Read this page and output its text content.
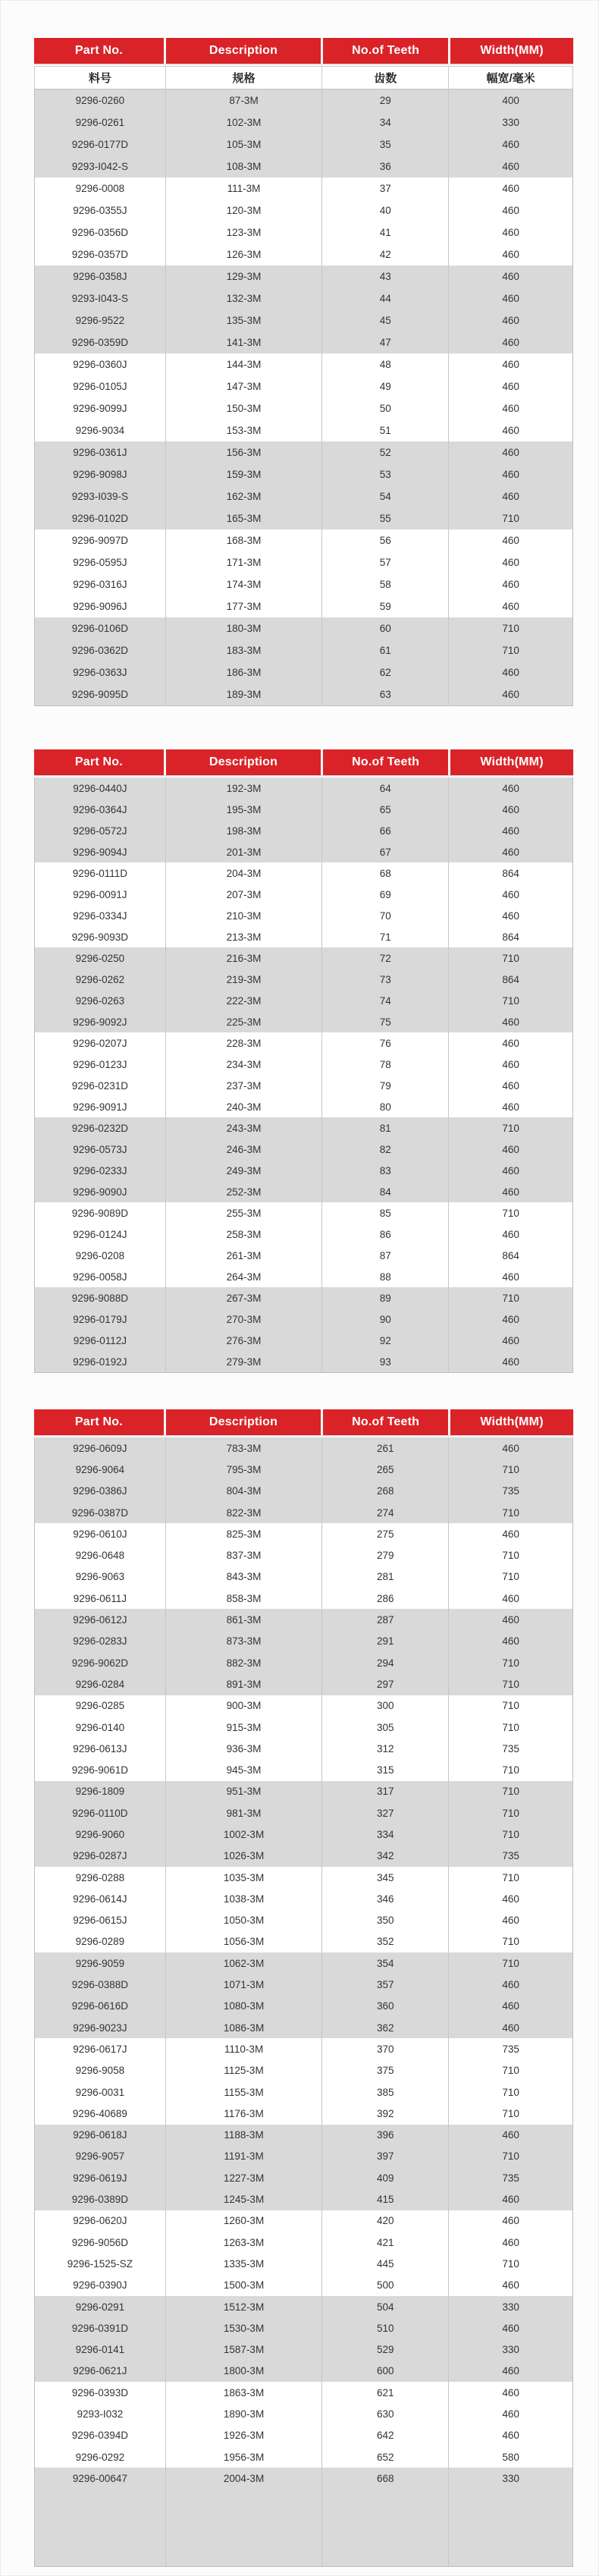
Part No.	Description	No.of Teeth	Width(MM)
料号	规格	齿数	幅宽/毫米
9296-0260	87-3M	29	400
9296-0261	102-3M	34	330
9296-0177D	105-3M	35	460
9293-I042-S	108-3M	36	460
9296-0008	111-3M	37	460
9296-0355J	120-3M	40	460
9296-0356D	123-3M	41	460
9296-0357D	126-3M	42	460
9296-0358J	129-3M	43	460
9293-I043-S	132-3M	44	460
9296-9522	135-3M	45	460
9296-0359D	141-3M	47	460
9296-0360J	144-3M	48	460
9296-0105J	147-3M	49	460
9296-9099J	150-3M	50	460
9296-9034	153-3M	51	460
9296-0361J	156-3M	52	460
9296-9098J	159-3M	53	460
9293-I039-S	162-3M	54	460
9296-0102D	165-3M	55	710
9296-9097D	168-3M	56	460
9296-0595J	171-3M	57	460
9296-0316J	174-3M	58	460
9296-9096J	177-3M	59	460
9296-0106D	180-3M	60	710
9296-0362D	183-3M	61	710
9296-0363J	186-3M	62	460
9296-9095D	189-3M	63	460
Part No.	Description	No.of Teeth	Width(MM)
9296-0440J	192-3M	64	460
9296-0364J	195-3M	65	460
9296-0572J	198-3M	66	460
9296-9094J	201-3M	67	460
9296-0111D	204-3M	68	864
9296-0091J	207-3M	69	460
9296-0334J	210-3M	70	460
9296-9093D	213-3M	71	864
9296-0250	216-3M	72	710
9296-0262	219-3M	73	864
9296-0263	222-3M	74	710
9296-9092J	225-3M	75	460
9296-0207J	228-3M	76	460
9296-0123J	234-3M	78	460
9296-0231D	237-3M	79	460
9296-9091J	240-3M	80	460
9296-0232D	243-3M	81	710
9296-0573J	246-3M	82	460
9296-0233J	249-3M	83	460
9296-9090J	252-3M	84	460
9296-9089D	255-3M	85	710
9296-0124J	258-3M	86	460
9296-0208	261-3M	87	864
9296-0058J	264-3M	88	460
9296-9088D	267-3M	89	710
9296-0179J	270-3M	90	460
9296-0112J	276-3M	92	460
9296-0192J	279-3M	93	460
Part No.	Description	No.of Teeth	Width(MM)
9296-0609J	783-3M	261	460
9296-9064	795-3M	265	710
9296-0386J	804-3M	268	735
9296-0387D	822-3M	274	710
9296-0610J	825-3M	275	460
9296-0648	837-3M	279	710
9296-9063	843-3M	281	710
9296-0611J	858-3M	286	460
9296-0612J	861-3M	287	460
9296-0283J	873-3M	291	460
9296-9062D	882-3M	294	710
9296-0284	891-3M	297	710
9296-0285	900-3M	300	710
9296-0140	915-3M	305	710
9296-0613J	936-3M	312	735
9296-9061D	945-3M	315	710
9296-1809	951-3M	317	710
9296-0110D	981-3M	327	710
9296-9060	1002-3M	334	710
9296-0287J	1026-3M	342	735
9296-0288	1035-3M	345	710
9296-0614J	1038-3M	346	460
9296-0615J	1050-3M	350	460
9296-0289	1056-3M	352	710
9296-9059	1062-3M	354	710
9296-0388D	1071-3M	357	460
9296-0616D	1080-3M	360	460
9296-9023J	1086-3M	362	460
9296-0617J	1110-3M	370	735
9296-9058	1125-3M	375	710
9296-0031	1155-3M	385	710
9296-40689	1176-3M	392	710
9296-0618J	1188-3M	396	460
9296-9057	1191-3M	397	710
9296-0619J	1227-3M	409	735
9296-0389D	1245-3M	415	460
9296-0620J	1260-3M	420	460
9296-9056D	1263-3M	421	460
9296-1525-SZ	1335-3M	445	710
9296-0390J	1500-3M	500	460
9296-0291	1512-3M	504	330
9296-0391D	1530-3M	510	460
9296-0141	1587-3M	529	330
9296-0621J	1800-3M	600	460
9296-0393D	1863-3M	621	460
9293-I032	1890-3M	630	460
9296-0394D	1926-3M	642	460
9296-0292	1956-3M	652	580
9296-00647	2004-3M	668	330
